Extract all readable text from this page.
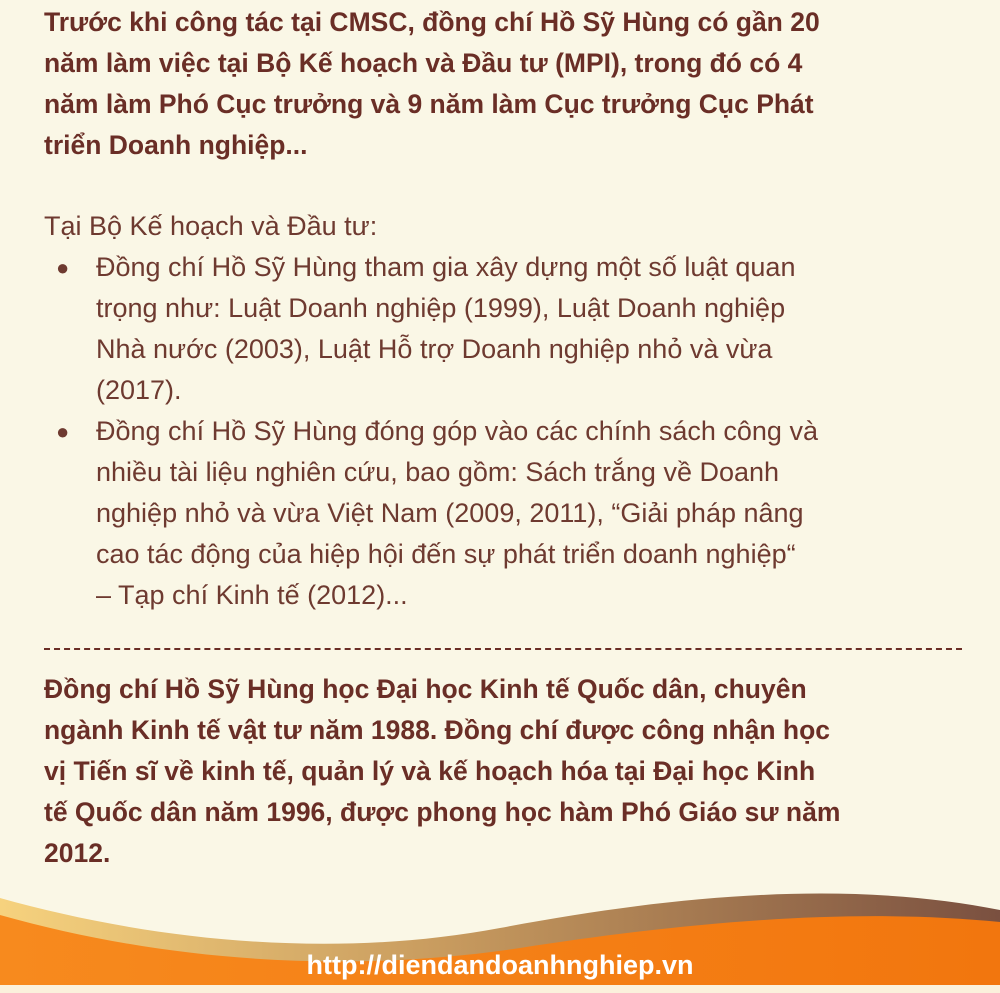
Trước khi công tác tại CMSC, đồng chí Hồ Sỹ Hùng có gần 20
năm làm việc tại Bộ Kế hoạch và Đầu tư (MPI), trong đó có 4
năm làm Phó Cục trưởng và 9 năm làm Cục trưởng Cục Phát
triển Doanh nghiệp...
Tại Bộ Kế hoạch và Đầu tư:
● Đồng chí Hồ Sỹ Hùng tham gia xây dựng một số luật quan
trọng như: Luật Doanh nghiệp (1999), Luật Doanh nghiệp
Nhà nước (2003), Luật Hỗ trợ Doanh nghiệp nhỏ và vừa
(2017).
● Đồng chí Hồ Sỹ Hùng đóng góp vào các chính sách công và
nhiều tài liệu nghiên cứu, bao gồm: Sách trắng về Doanh
nghiệp nhỏ và vừa Việt Nam (2009, 2011), “Giải pháp nâng
cao tác động của hiệp hội đến sự phát triển doanh nghiệp“
– Tạp chí Kinh tế (2012)...
Đồng chí Hồ Sỹ Hùng học Đại học Kinh tế Quốc dân, chuyên
ngành Kinh tế vật tư năm 1988. Đồng chí được công nhận học
vị Tiến sĩ về kinh tế, quản lý và kế hoạch hóa tại Đại học Kinh
tế Quốc dân năm 1996, được phong học hàm Phó Giáo sư năm
2012.
http://diendandoanhnghiep.vn
